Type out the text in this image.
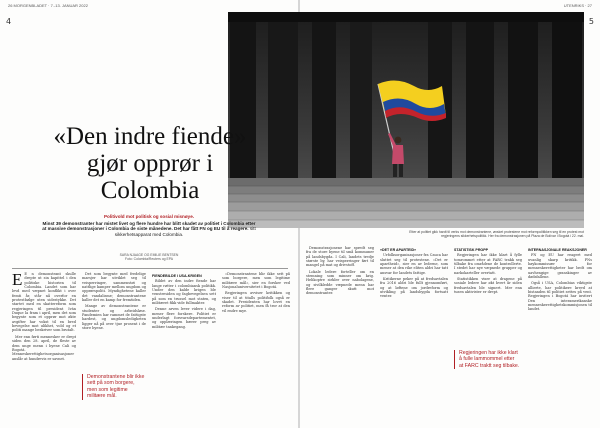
26 MORGENBLADET · 7.-13. JANUAR 2022	UTENRIKS · 27
4	5
Etter at politiet gikk hardt til verks mot demonstrantene, ønsket protestene mot reformpolitikken seg til en protest mot regjeringens sikkerhetspolitikk. Her fra demonstrasjonen på Plaza de Bolívar i Bogotá i 22. mai.
«Den indre fiende»
gjør opprør i
Colombia
Politivold mot politisk og sosial misnøye.
Minst 39 demonstranter har mistet livet og flere hundre har blitt skadet av politiet i Colombia etter at massive demonstrasjoner i Colombia de siste månedene. Det har fått FN og EU til å reagere. sitt sikkerhetsapparat med Colombia.
SARA NJAAGE OG EMILIE BENTSEN
Foto: Colombia/Reuters og EPA

E E n demonstrant skulle drepte ut sin kapittel i den politiske historien til Colombia. Landet som har levd med væpnet konflikt i over femti år, står nå overfor en protestbølge uten sidestykke. Det startet med en skattereform som regjeringen til president Iván Duque la fram i april, men det som begynte som et opprør mot økte avgifter har vokst til en bred bevegelse mot ulikhet, vold og et politi mange beskriver som brutalt.

Mer enn førti mennesker er drept siden den 28. april, de fleste av dem unge menn i byene Cali og Bogotá. Menneskerettighetsorganisasjoner anslår at hundrevis er savnet.

Det som begynte med fredelige marsjer har utviklet seg til veisperringer, sammenstøt og nattlige kamper mellom ungdom og opprørspoliti. Myndighetene kaller det vandalisme; demonstrantene kaller det en kamp for fremtiden.

Mange av demonstrantene er studenter og arbeidsløse. Pandemien har rammet de fattigste hardest, og ungdomsledigheten ligger nå på over tjue prosent i de store byene.

Demonstrantene blir ikke sett på som borgere, men som legitime militære mål.

FIENDEBILDE I USA-KRIGEN

Bildet av den indre fiende har lange røtter i colombiansk politikk. Under den kalde krigen ble venstresiden og fagbevegelsen sett på som en trussel mot staten, og militæret fikk vide fullmakter.

Denne arven lever videre i dag, mener flere forskere. Politiet er underlagt forsvarsdepartementet, og opplæringen bærer preg av militær tankegang.

«Demonstrantene blir ikke sett på som borgere, men som legitime militære mål», sier en forsker ved Nasjonaluniversitetet i Bogotá.

Regjeringen avviser kritikken og viser til at titalls politifolk også er skadet. Presidenten har lovet en reform av politiet, men få tror at den vil endre mye.

Demonstrasjonene har spredt seg fra de store byene til små kommuner på landsbygda. I Cali, landets tredje største by, har veisperringer ført til mangel på mat og drivstoff.

Lokale ledere forteller om en stemning som minner om krig. Helikoptre sirkler over nabolagene, og sivilkledde væpnede menn har flere ganger skutt mot demonstranter.

«DET ER APARTEID»

Urfolksorganisasjoner fra Cauca har sluttet seg til protestene. «Det er apartheid», sier en av lederne, som mener at den rike eliten aldri har tatt ansvar for landets fattige.

Kritikerne peker på at fredsavtalen fra 2016 aldri ble fullt gjennomført, og at løftene om jordreform og utvikling på landsbygda fortsatt venter.

STATISTISK PROPP

Regjeringen har ikke klart å fylle tomrommet etter at FARC trakk seg tilbake fra områdene de kontrollerte. I stedet har nye væpnede grupper og narkokarteller overtatt.

Statistikken viser at drapene på sosiale ledere har økt hvert år siden fredsavtalen ble signert. Mer enn tusen aktivister er drept.

Regjeringen har ikke klart å fulle lammommel etter at FARC traktt seg tilbake.

INTERNASJONALE REAKSJONER

FN og EU har reagert med uvanlig skarp kritikk. FNs høykommissær for menneskerettigheter har bedt om uavhengige granskinger av dødsfallene.

Også i USA, Colombias viktigste allierte, har politikere krevd at bistanden til politiet settes på vent. Regjeringen i Bogotá har invitert Den interamerikanske menneskerettighetskommisjonen til landet.
